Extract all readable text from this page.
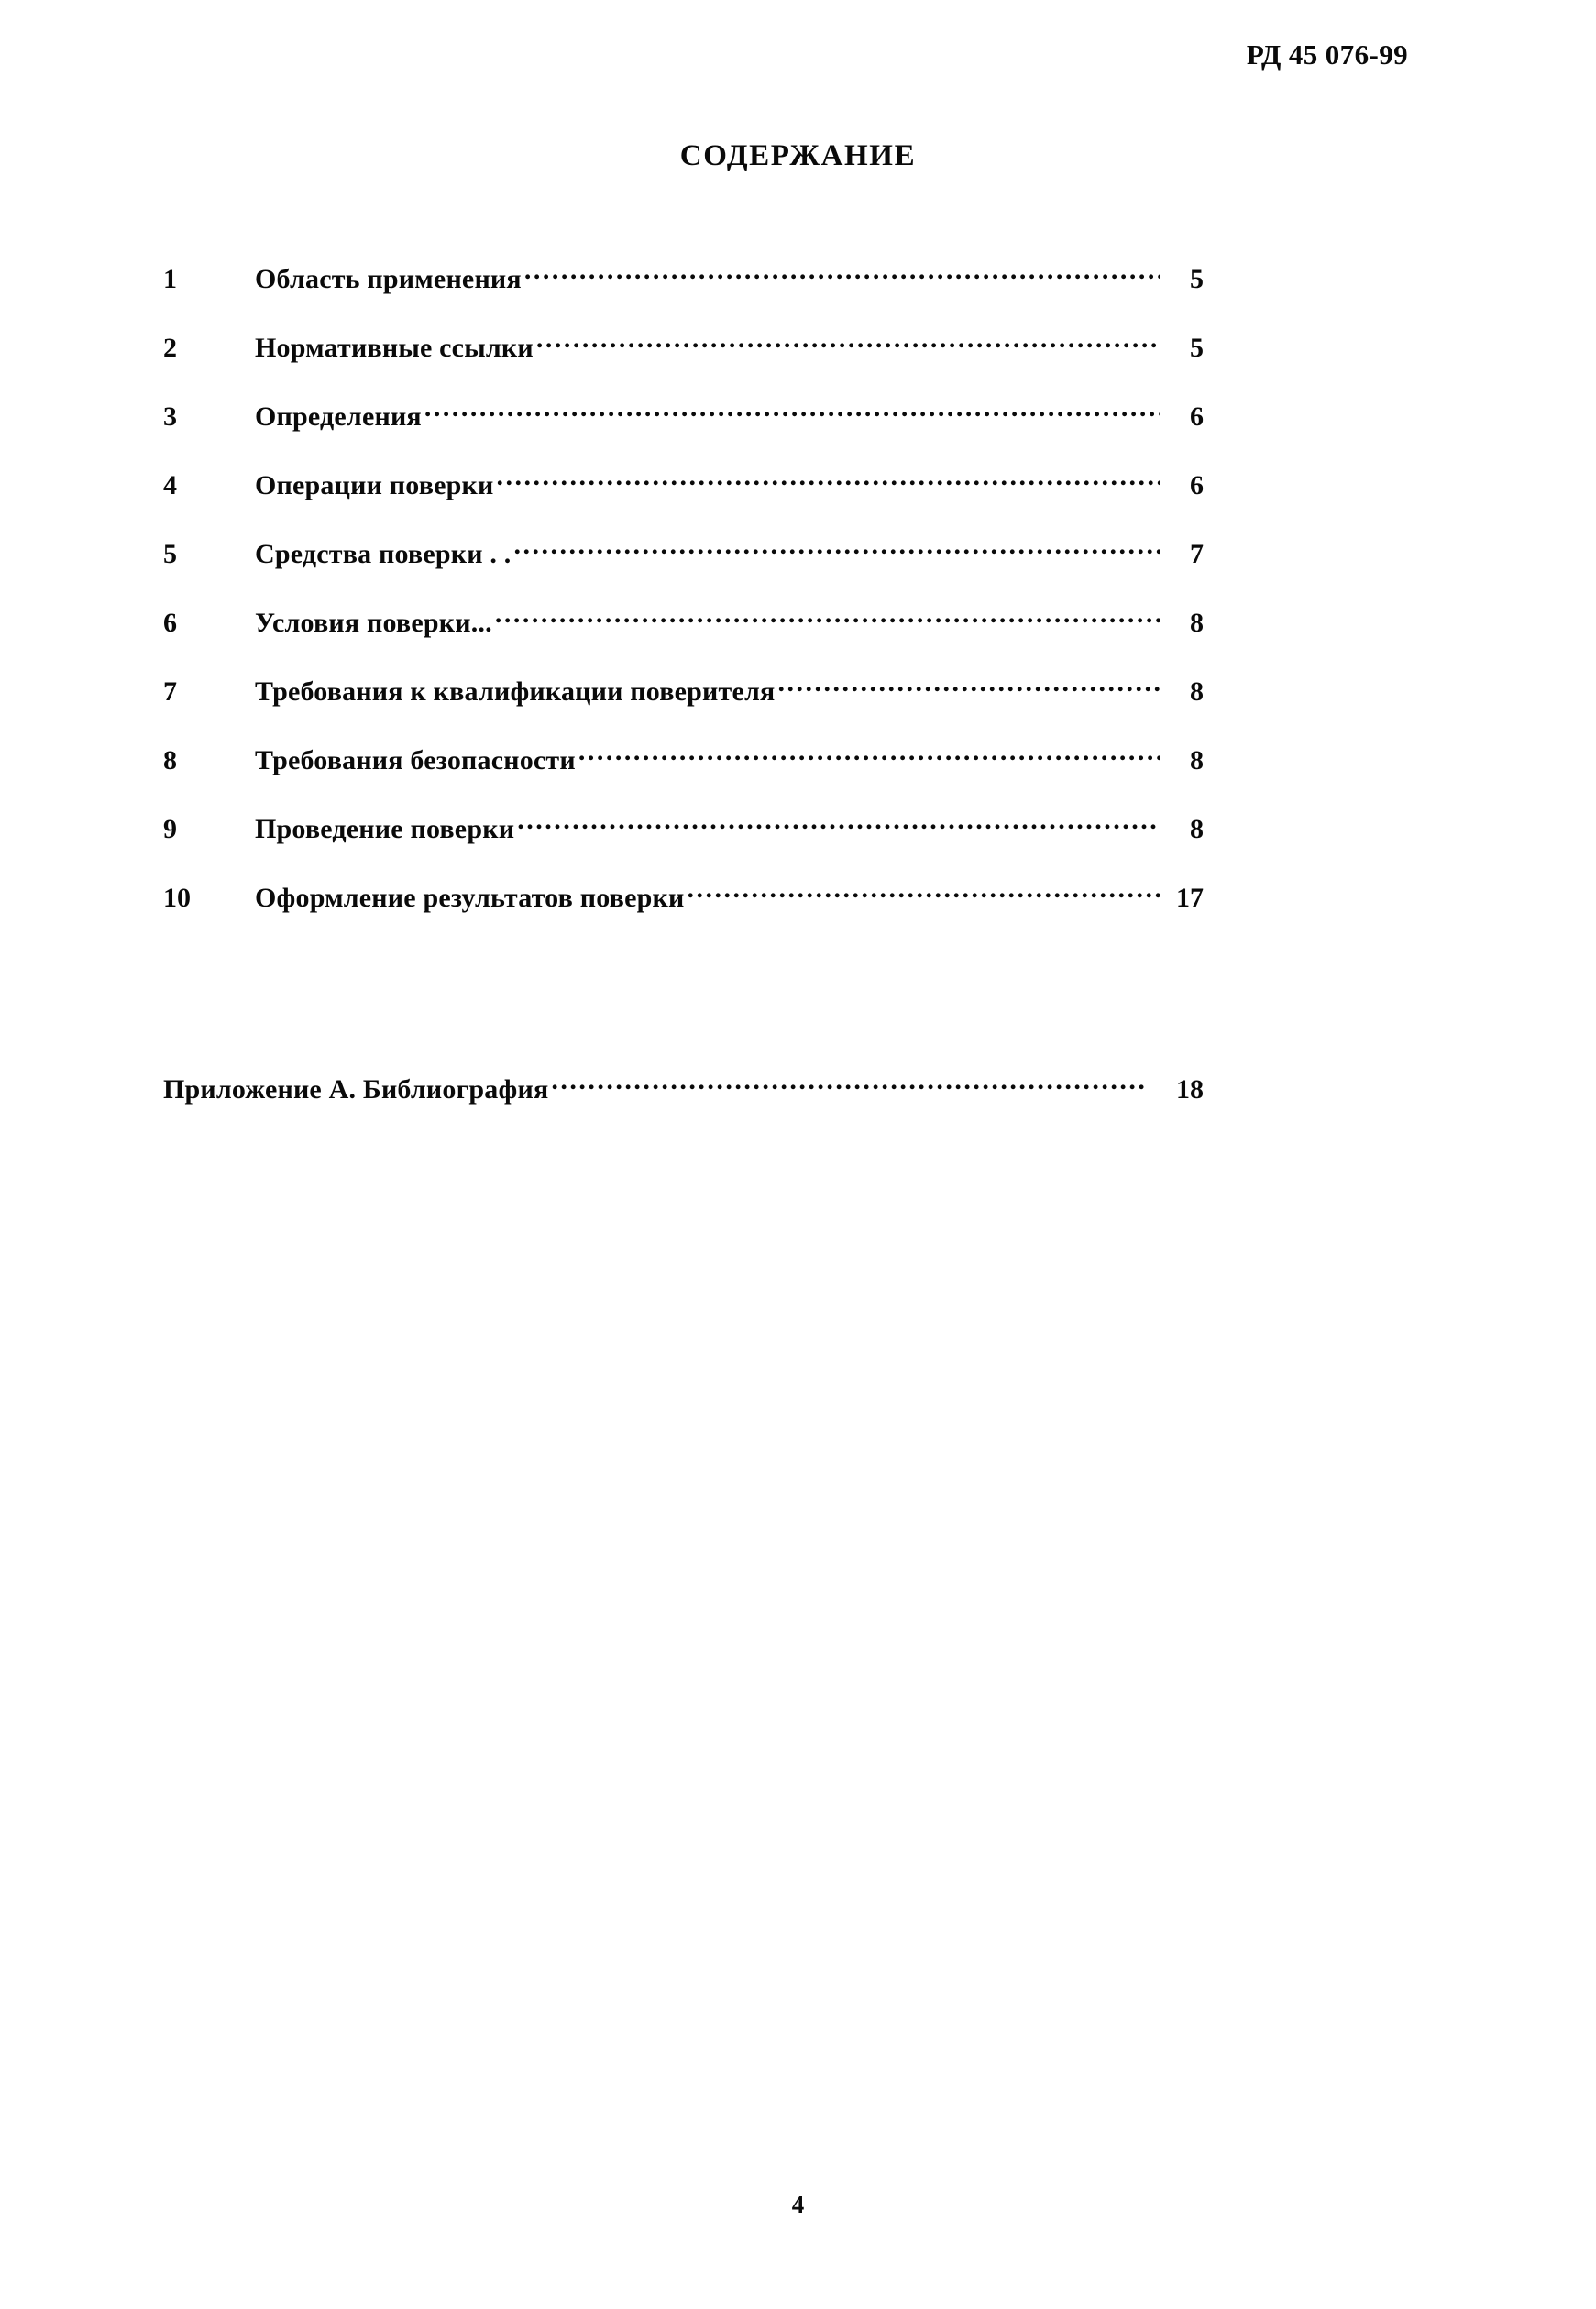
РД 45 076-99
СОДЕРЖАНИЕ
1	Область применения .....	5
2	Нормативные ссылки .....	5
3	Определения .....	6
4	Операции поверки .....	6
5	Средства поверки . . .....	7
6	Условия поверки... .....	8
7	Требования к квалификации поверителя .....	8
8	Требования безопасности .....	8
9	Проведение поверки .....	8
10	Оформление результатов поверки .....	17
Приложение А. Библиография .....	18
4
